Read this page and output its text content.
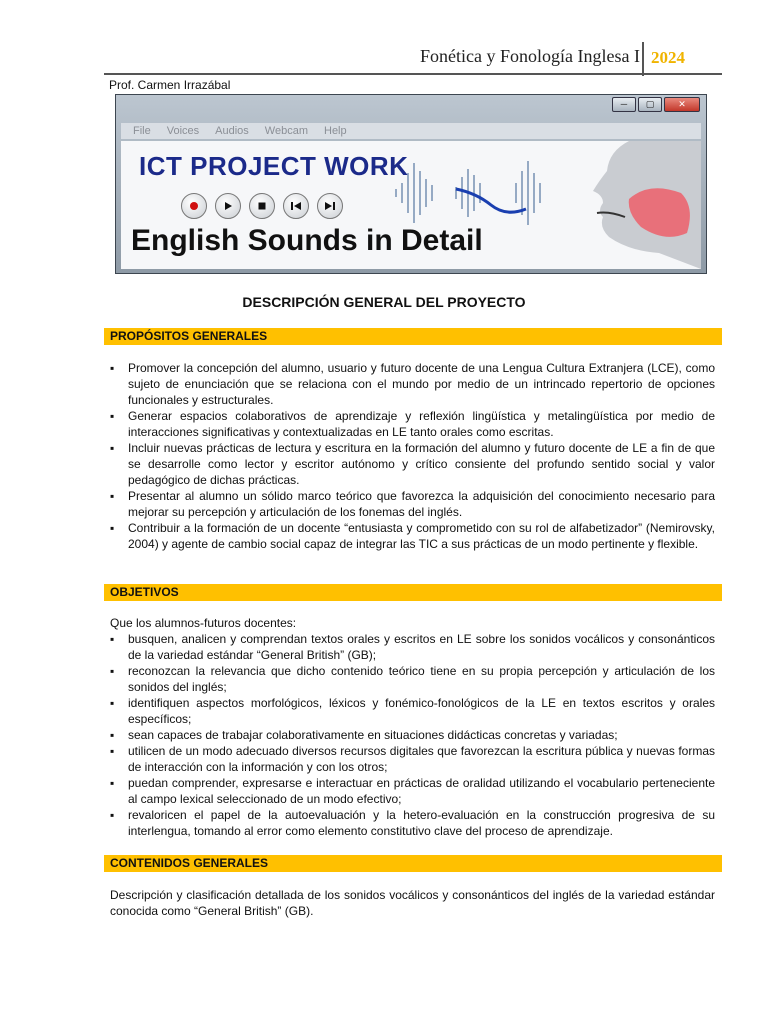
Fonética y Fonología Inglesa I 2024
Prof. Carmen Irrazábal
─	▢	✕
File Voices Audios Webcam Help
ICT PROJECT WORK
English Sounds in Detail
DESCRIPCIÓN GENERAL DEL PROYECTO
PROPÓSITOS GENERALES
▪ Promover la concepción del alumno, usuario y futuro docente de una Lengua Cultura Extranjera (LCE), como sujeto de enunciación que se relaciona con el mundo por medio de un intrincado repertorio de opciones funcionales y estructurales.
▪ Generar espacios colaborativos de aprendizaje y reflexión lingüística y metalingüística por medio de interacciones significativas y contextualizadas en LE tanto orales como escritas.
▪ Incluir nuevas prácticas de lectura y escritura en la formación del alumno y futuro docente de LE a fin de que se desarrolle como lector y escritor autónomo y crítico consiente del profundo sentido social y valor pedagógico de dichas prácticas.
▪ Presentar al alumno un sólido marco teórico que favorezca la adquisición del conocimiento necesario para mejorar su percepción y articulación de los fonemas del inglés.
▪ Contribuir a la formación de un docente “entusiasta y comprometido con su rol de alfabetizador” (Nemirovsky, 2004) y agente de cambio social capaz de integrar las TIC a sus prácticas de un modo pertinente y flexible.
OBJETIVOS

Que los alumnos-futuros docentes:

▪ busquen, analicen y comprendan textos orales y escritos en LE sobre los sonidos vocálicos y consonánticos de la variedad estándar “General British” (GB);
▪ reconozcan la relevancia que dicho contenido teórico tiene en su propia percepción y articulación de los sonidos del inglés;
▪ identifiquen aspectos morfológicos, léxicos y fonémico-fonológicos de la LE en textos escritos y orales específicos;
▪ sean capaces de trabajar colaborativamente en situaciones didácticas concretas y variadas;
▪ utilicen de un modo adecuado diversos recursos digitales que favorezcan la escritura pública y nuevas formas de interacción con la información y con los otros;
▪ puedan comprender, expresarse e interactuar en prácticas de oralidad utilizando el vocabulario perteneciente al campo lexical seleccionado de un modo efectivo;
▪ revaloricen el papel de la autoevaluación y la hetero-evaluación en la construcción progresiva de su interlengua, tomando al error como elemento constitutivo clave del proceso de aprendizaje.
CONTENIDOS GENERALES

Descripción y clasificación detallada de los sonidos vocálicos y consonánticos del inglés de la variedad estándar conocida como “General British” (GB).
